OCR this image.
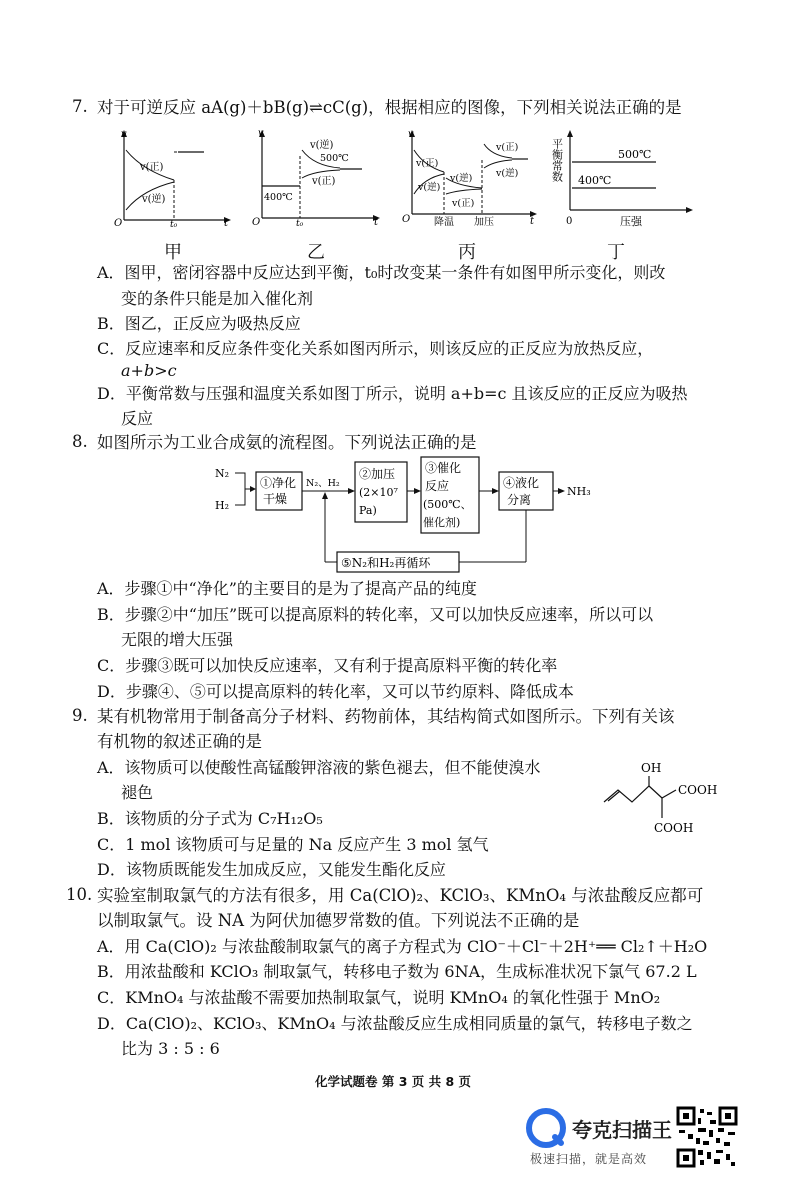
7. 对于可逆反应 aA(g)＋bB(g)⇌cC(g)，根据相应的图像，下列相关说法正确的是
v
O	t
v(正)
v(逆)
t₀
甲
v
O	t
v(逆)
500℃
v(正)
400℃
t₀
乙
v
O	t
v(正)
v(逆)
v(逆)
v(正)
v(正)
v(逆)
降温 加压
丙
平衡常数
0	压强
500℃
400℃
丁
A．图甲，密闭容器中反应达到平衡，t₀时改变某一条件有如图甲所示变化，则改
变的条件只能是加入催化剂
B．图乙，正反应为吸热反应
C．反应速率和反应条件变化关系如图丙所示，则该反应的正反应为放热反应，
a+b>c
D．平衡常数与压强和温度关系如图丁所示，说明 a+b=c 且该反应的正反应为吸热
反应
8. 如图所示为工业合成氨的流程图。下列说法正确的是
N₂
H₂
①净化
干燥
N₂、H₂
②加压
(2×10⁷
Pa)
③催化
反应
(500℃、
催化剂)
④液化
分离
NH₃
⑤N₂和H₂再循环
A．步骤①中“净化”的主要目的是为了提高产品的纯度
B．步骤②中“加压”既可以提高原料的转化率，又可以加快反应速率，所以可以
无限的增大压强
C．步骤③既可以加快反应速率，又有利于提高原料平衡的转化率
D．步骤④、⑤可以提高原料的转化率，又可以节约原料、降低成本
9. 某有机物常用于制备高分子材料、药物前体，其结构简式如图所示。下列有关该
有机物的叙述正确的是
A．该物质可以使酸性高锰酸钾溶液的紫色褪去，但不能使溴水
褪色
B．该物质的分子式为 C₇H₁₂O₅
C．1 mol 该物质可与足量的 Na 反应产生 3 mol 氢气
D．该物质既能发生加成反应，又能发生酯化反应
OH
COOH
COOH
10. 实验室制取氯气的方法有很多，用 Ca(ClO)₂、KClO₃、KMnO₄ 与浓盐酸反应都可
以制取氯气。设 NA 为阿伏加德罗常数的值。下列说法不正确的是
A．用 Ca(ClO)₂ 与浓盐酸制取氯气的离子方程式为 ClO⁻＋Cl⁻＋2H⁺══ Cl₂↑＋H₂O
B．用浓盐酸和 KClO₃ 制取氯气，转移电子数为 6NA，生成标准状况下氯气 67.2 L
C．KMnO₄ 与浓盐酸不需要加热制取氯气，说明 KMnO₄ 的氧化性强于 MnO₂
D．Ca(ClO)₂、KClO₃、KMnO₄ 与浓盐酸反应生成相同质量的氯气，转移电子数之
比为 3 : 5 : 6
化学试题卷 第 3 页 共 8 页
夸克扫描王
极速扫描，就是高效
